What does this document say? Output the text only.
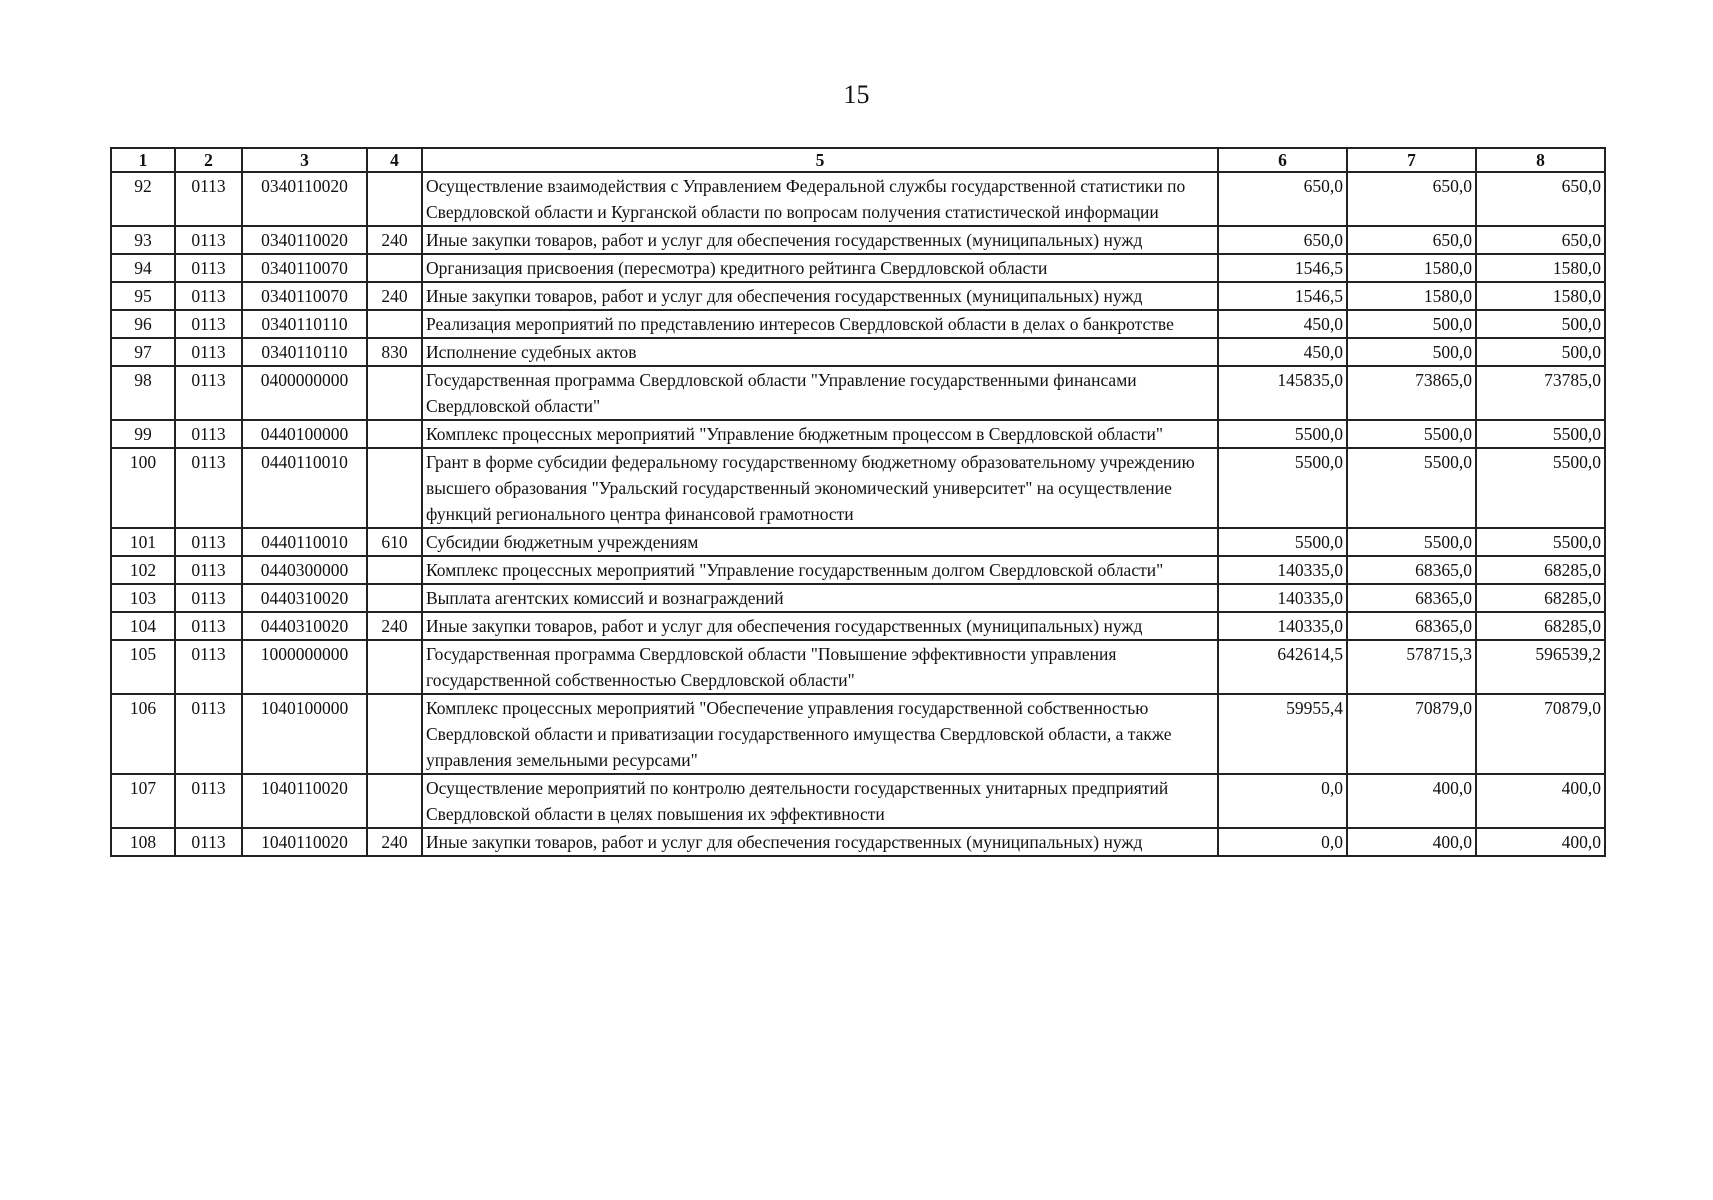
15
1	2	3	4	5	6	7	8
92	0113	0340110020		Осуществление взаимодействия с Управлением Федеральной службы государственной статистики по Свердловской области и Курганской области по вопросам получения статистической информации	650,0	650,0	650,0
93	0113	0340110020	240	Иные закупки товаров, работ и услуг для обеспечения государственных (муниципальных) нужд	650,0	650,0	650,0
94	0113	0340110070		Организация присвоения (пересмотра) кредитного рейтинга Свердловской области	1546,5	1580,0	1580,0
95	0113	0340110070	240	Иные закупки товаров, работ и услуг для обеспечения государственных (муниципальных) нужд	1546,5	1580,0	1580,0
96	0113	0340110110		Реализация мероприятий по представлению интересов Свердловской области в делах о банкротстве	450,0	500,0	500,0
97	0113	0340110110	830	Исполнение судебных актов	450,0	500,0	500,0
98	0113	0400000000		Государственная программа Свердловской области "Управление государственными финансами Свердловской области"	145835,0	73865,0	73785,0
99	0113	0440100000		Комплекс процессных мероприятий "Управление бюджетным процессом в Свердловской области"	5500,0	5500,0	5500,0
100	0113	0440110010		Грант в форме субсидии федеральному государственному бюджетному образовательному учреждению высшего образования "Уральский государственный экономический университет" на осуществление функций регионального центра финансовой грамотности	5500,0	5500,0	5500,0
101	0113	0440110010	610	Субсидии бюджетным учреждениям	5500,0	5500,0	5500,0
102	0113	0440300000		Комплекс процессных мероприятий "Управление государственным долгом Свердловской области"	140335,0	68365,0	68285,0
103	0113	0440310020		Выплата агентских комиссий и вознаграждений	140335,0	68365,0	68285,0
104	0113	0440310020	240	Иные закупки товаров, работ и услуг для обеспечения государственных (муниципальных) нужд	140335,0	68365,0	68285,0
105	0113	1000000000		Государственная программа Свердловской области "Повышение эффективности управления государственной собственностью Свердловской области"	642614,5	578715,3	596539,2
106	0113	1040100000		Комплекс процессных мероприятий "Обеспечение управления государственной собственностью Свердловской области и приватизации государственного имущества Свердловской области, а также управления земельными ресурсами"	59955,4	70879,0	70879,0
107	0113	1040110020		Осуществление мероприятий по контролю деятельности государственных унитарных предприятий Свердловской области в целях повышения их эффективности	0,0	400,0	400,0
108	0113	1040110020	240	Иные закупки товаров, работ и услуг для обеспечения государственных (муниципальных) нужд	0,0	400,0	400,0
